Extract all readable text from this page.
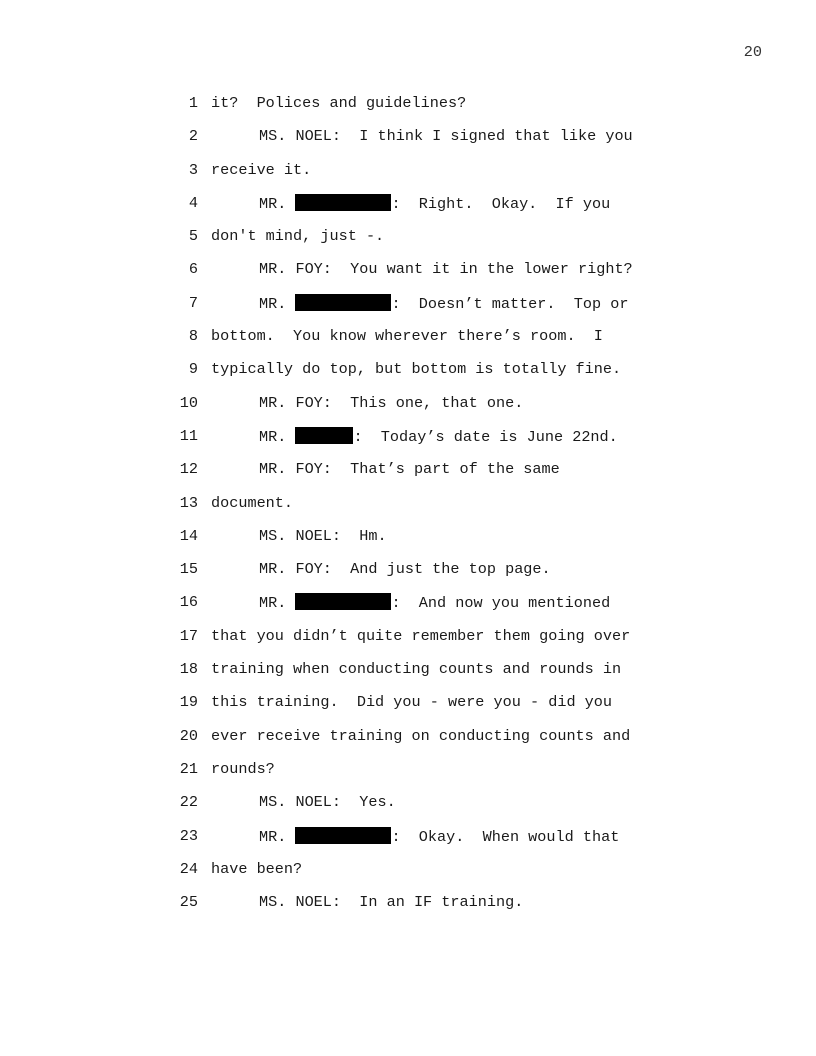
20
1 it?  Polices and guidelines?
2	MS. NOEL:  I think I signed that like you
3 receive it.
4	MR.	:  Right.  Okay.  If you
5 don't mind, just -.
6	MR. FOY:  You want it in the lower right?
7	MR.	:  Doesn’t matter.  Top or
8 bottom.  You know wherever there’s room.  I
9 typically do top, but bottom is totally fine.
10	MR. FOY:  This one, that one.
11	MR.	:  Today’s date is June 22nd.
12	MR. FOY:  That’s part of the same
13 document.
14	MS. NOEL:  Hm.
15	MR. FOY:  And just the top page.
16	MR.	:  And now you mentioned
17 that you didn’t quite remember them going over
18 training when conducting counts and rounds in
19 this training.  Did you - were you - did you
20 ever receive training on conducting counts and
21 rounds?
22	MS. NOEL:  Yes.
23	MR.	:  Okay.  When would that
24 have been?
25	MS. NOEL:  In an IF training.
